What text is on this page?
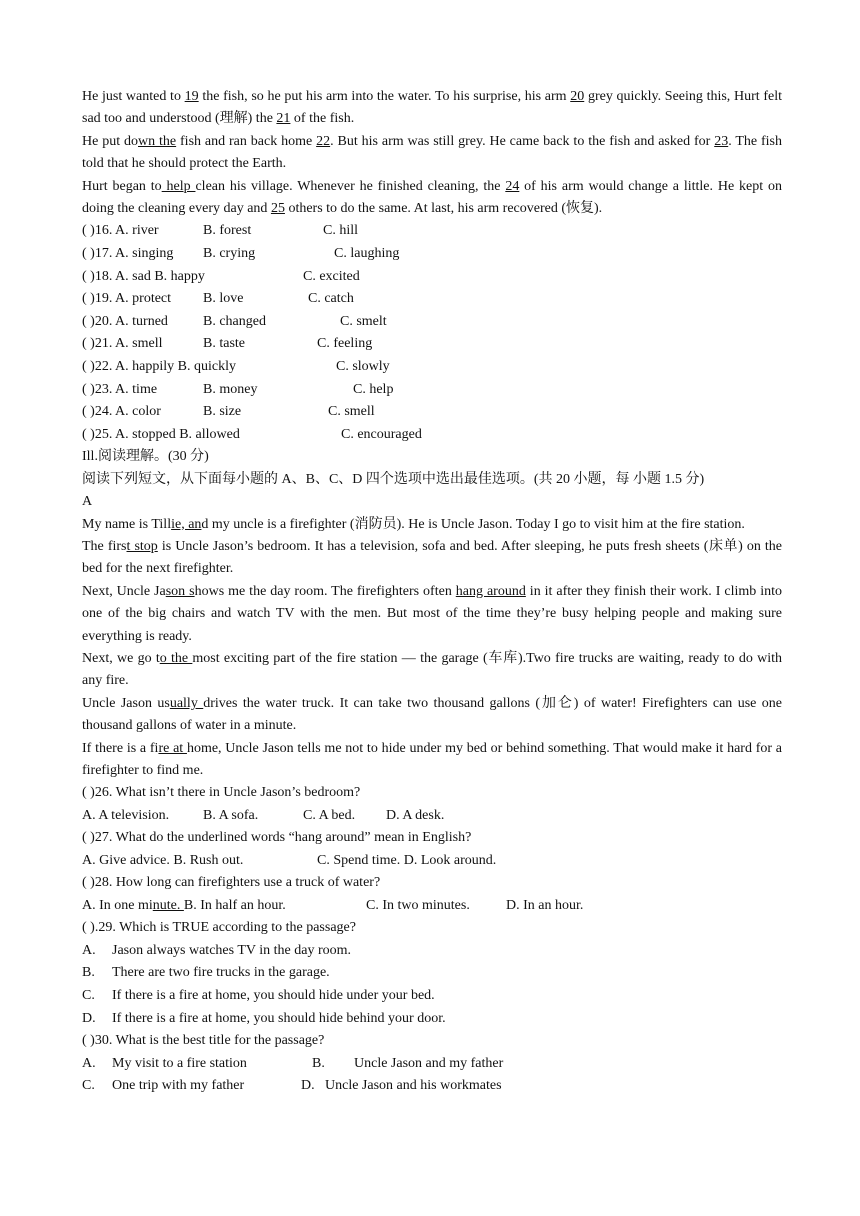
He just wanted to 19 the fish, so he put his arm into the water. To his surprise, his arm 20 grey quickly. Seeing this, Hurt felt sad too and understood (理解) the 21 of the fish.

He put down the fish and ran back home 22. But his arm was still grey. He came back to the fish and asked for 23. The fish told that he should protect the Earth.

Hurt began to help clean his village. Whenever he finished cleaning, the 24 of his arm would change a little. He kept on doing the cleaning every day and 25 others to do the same. At last, his arm recovered (恢复).

( )16. A. river	B. forest	C. hill
( )17. A. singing B. crying	C. laughing
( )18. A. sad B. happy	C. excited
( )19. A. protect B. love	C. catch
( )20. A. turned	B. changed	C. smelt
( )21. A. smell	B. taste	C. feeling
( )22. A. happily B. quickly	C. slowly
( )23. A. time	B. money	C. help
( )24. A. color	B. size	C. smell
( )25. A. stopped B. allowed	C. encouraged

Ill.阅读理解。(30 分)

阅读下列短文，从下面每小题的 A、B、C、D 四个选项中选出最佳选项。(共 20 小题，每 小题 1.5 分)

A

My name is Tillie, and my uncle is a firefighter (消防员). He is Uncle Jason. Today I go to visit him at the fire station.

The first stop is Uncle Jason’s bedroom. It has a television, sofa and bed. After sleeping, he puts fresh sheets (床单) on the bed for the next firefighter.

Next, Uncle Jason shows me the day room. The firefighters often hang around in it after they finish their work. I climb into one of the big chairs and watch TV with the men. But most of the time they’re busy helping people and making sure everything is ready.

Next, we go to the most exciting part of the fire station — the garage (车库).Two fire trucks are waiting, ready to do with any fire.

Uncle Jason usually drives the water truck. It can take two thousand gallons (加仑) of water! Firefighters can use one thousand gallons of water in a minute.

If there is a fire at home, Uncle Jason tells me not to hide under my bed or behind something. That would make it hard for a firefighter to find me.

( )26. What isn’t there in Uncle Jason’s bedroom?

A. A television. B. A sofa.	C. A bed. D. A desk.

( )27. What do the underlined words “hang around” mean in English?

A. Give advice. B. Rush out.	C. Spend time. D. Look around.

( )28. How long can firefighters use a truck of water?

A. In one minute. B. In half an hour.	C. In two minutes.	D. In an hour.

( ).29. Which is TRUE according to the passage?

A. Jason always watches TV in the day room.
B. There are two fire trucks in the garage.
C. If there is a fire at home, you should hide under your bed.
D. If there is a fire at home, you should hide behind your door.

( )30. What is the best title for the passage?

A. My visit to a fire station	B. Uncle Jason and my father
C. One trip with my father	D. Uncle Jason and his workmates
